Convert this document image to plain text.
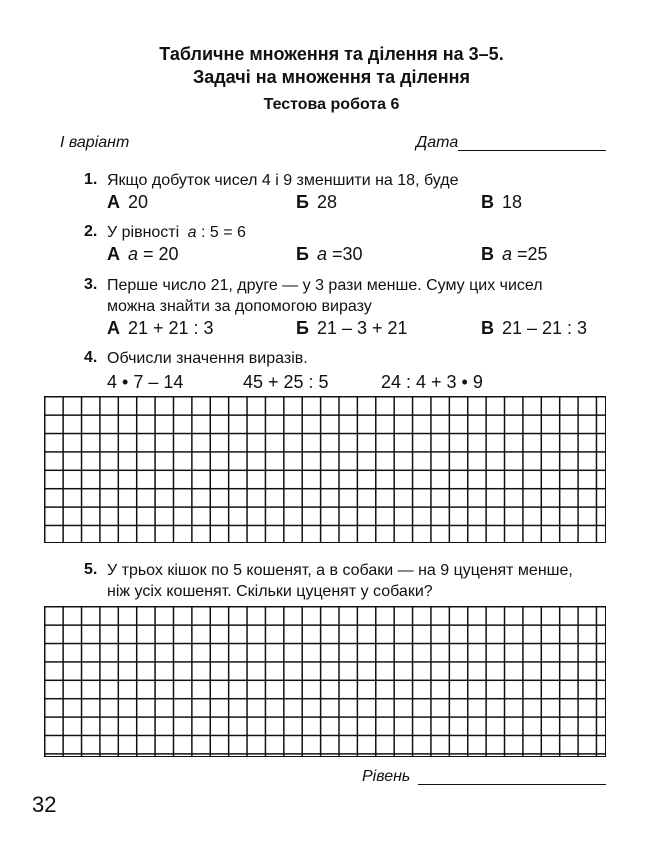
Табличне множення та ділення на 3–5.
Задачі на множення та ділення
Тестова робота 6
І варіант	Дата
1. Якщо добуток чисел 4 і 9 зменшити на 18, буде
А 20	Б 28	В 18
2. У рівності а : 5 = 6
А а = 20	Б а =30	В а =25
3. Перше число 21, друге — у 3 рази менше. Суму цих чисел
можна знайти за допомогою виразу
А 21 + 21 : 3	Б 21 – 3 + 21	В 21 – 21 : 3
4. Обчисли значення виразів.
4 • 7 – 14	45 + 25 : 5	24 : 4 + 3 • 9
5. У трьох кішок по 5 кошенят, а в собаки — на 9 цуценят менше,
ніж усіх кошенят. Скільки цуценят у собаки?
Рівень
32
